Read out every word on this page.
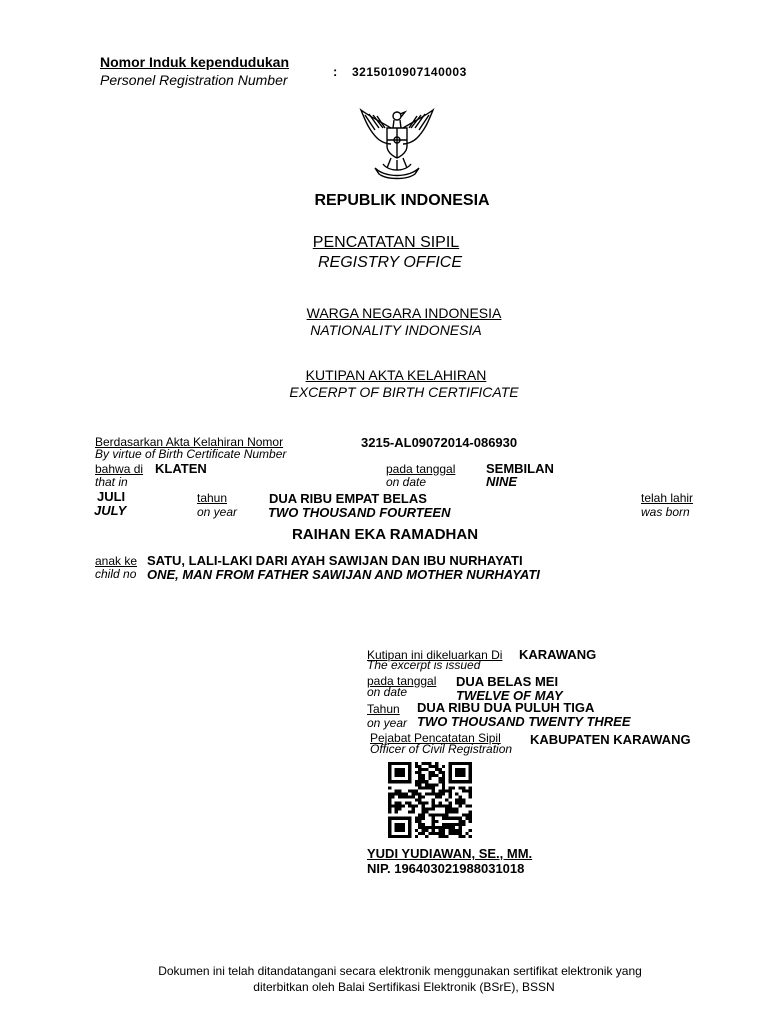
Nomor Induk kependudukan
Personel Registration Number
: 3215010907140003
REPUBLIK INDONESIA
PENCATATAN SIPIL
REGISTRY OFFICE
WARGA NEGARA INDONESIA
NATIONALITY INDONESIA
KUTIPAN AKTA KELAHIRAN
EXCERPT OF BIRTH CERTIFICATE
Berdasarkan Akta Kelahiran Nomor
By virtue of Birth Certificate Number
3215-AL09072014-086930
bahwa di
that in
KLATEN	pada tanggal
on date
SEMBILAN
NINE
JULI
JULY
tahun
on year
DUA RIBU EMPAT BELAS
TWO THOUSAND FOURTEEN
telah lahir
was born
RAIHAN EKA RAMADHAN
anak ke
child no
SATU, LALI-LAKI DARI AYAH SAWIJAN DAN IBU NURHAYATI
ONE, MAN FROM FATHER SAWIJAN AND MOTHER NURHAYATI
Kutipan ini dikeluarkan Di
The excerpt is issued
KARAWANG
pada tanggal
on date
DUA BELAS MEI
TWELVE OF MAY
Tahun
on year
DUA RIBU DUA PULUH TIGA
TWO THOUSAND TWENTY THREE
Pejabat Pencatatan Sipil
Officer of Civil Registration
KABUPATEN KARAWANG
YUDI YUDIAWAN, SE., MM.
NIP. 196403021988031018
Dokumen ini telah ditandatangani secara elektronik menggunakan sertifikat elektronik yang
diterbitkan oleh Balai Sertifikasi Elektronik (BSrE), BSSN
